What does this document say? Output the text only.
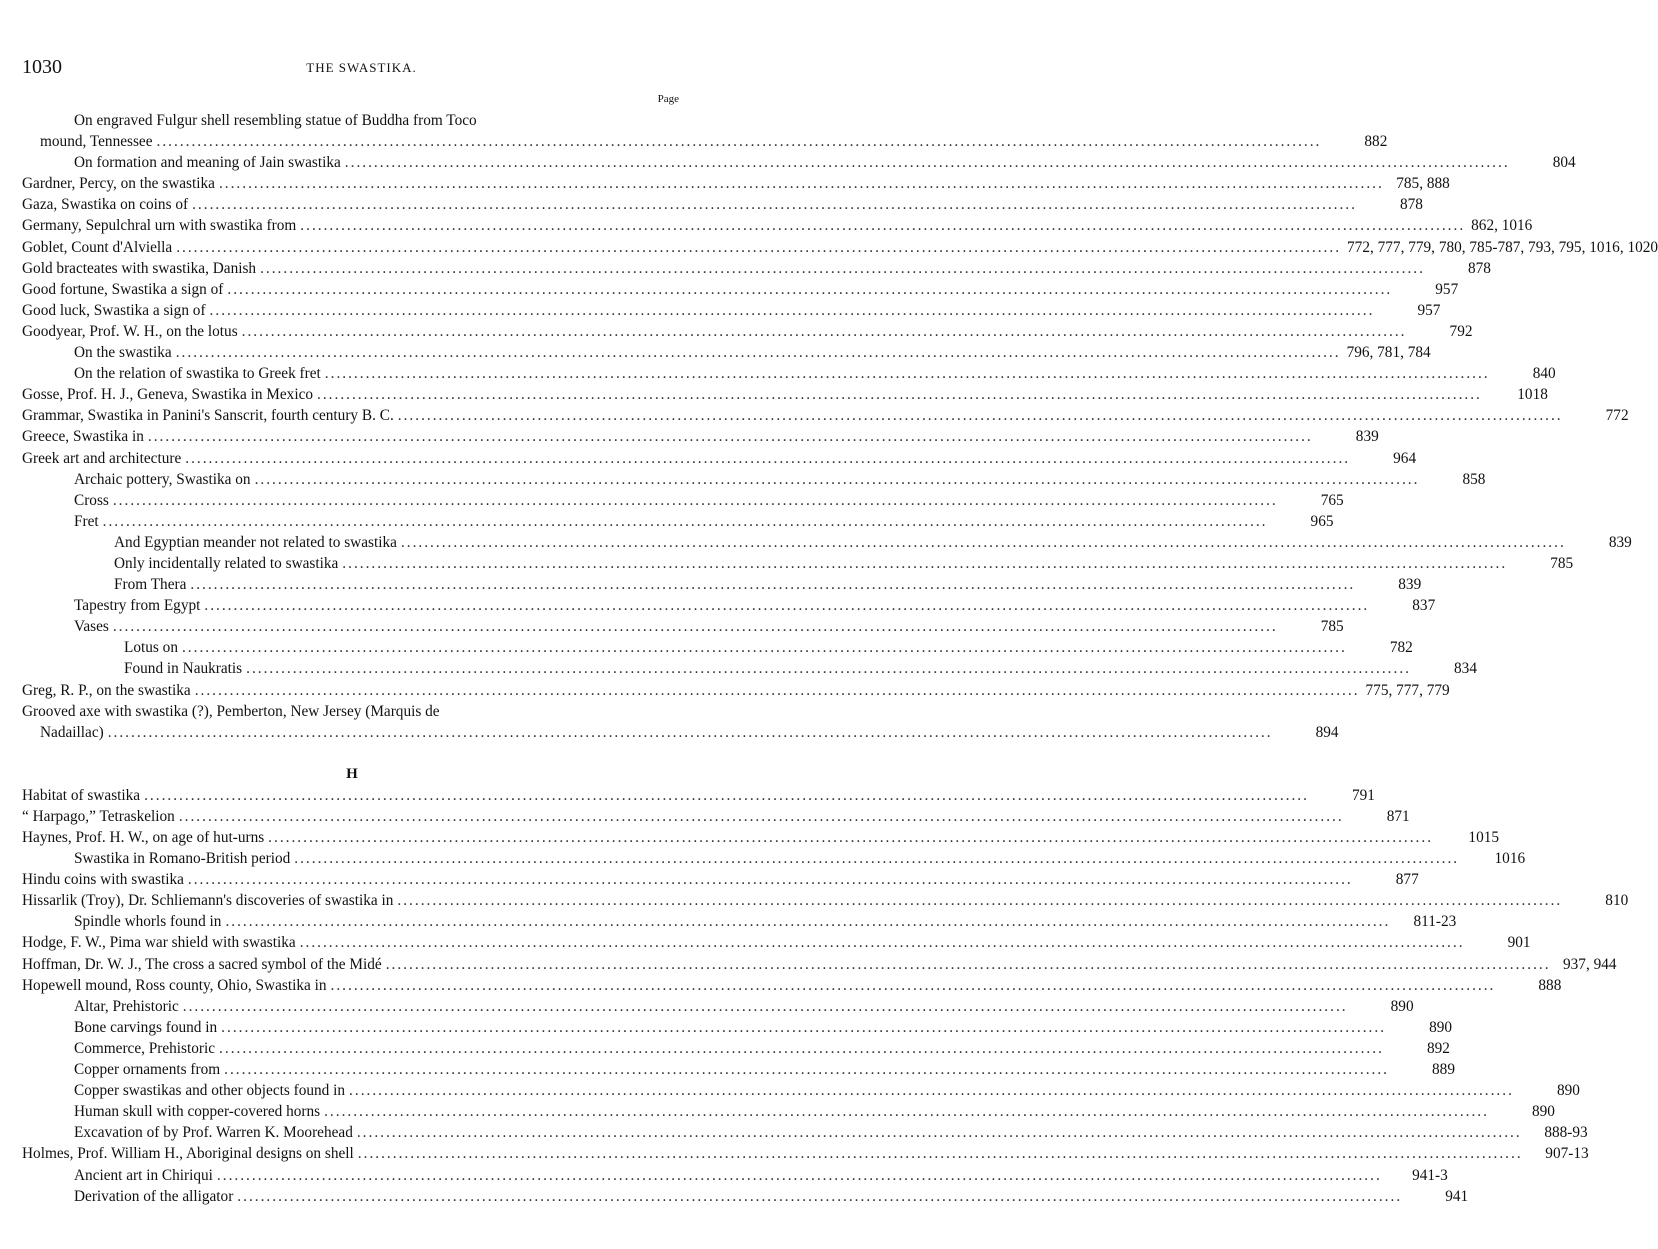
1030	THE SWASTIKA.
Page
On engraved Fulgur shell resembling statue of Buddha from Toco
mound, Tennessee ........................................................................................................................................................................................................	882
On formation and meaning of Jain swastika ........................................................................................................................................................................................................	804
Gardner, Percy, on the swastika ........................................................................................................................................................................................................ 785, 888
Gaza, Swastika on coins of ........................................................................................................................................................................................................	878
Germany, Sepulchral urn with swastika from ........................................................................................................................................................................................................ 862, 1016
Goblet, Count d'Alviella ........................................................................................................................................................................................................ 772, 777, 779, 780, 785-787, 793, 795, 1016, 1020
Gold bracteates with swastika, Danish ........................................................................................................................................................................................................	878
Good fortune, Swastika a sign of ........................................................................................................................................................................................................	957
Good luck, Swastika a sign of ........................................................................................................................................................................................................	957
Goodyear, Prof. W. H., on the lotus ........................................................................................................................................................................................................	792
On the swastika ........................................................................................................................................................................................................ 796, 781, 784
On the relation of swastika to Greek fret ........................................................................................................................................................................................................	840
Gosse, Prof. H. J., Geneva, Swastika in Mexico ........................................................................................................................................................................................................	1018
Grammar, Swastika in Panini's Sanscrit, fourth century B. C. ........................................................................................................................................................................................................	772
Greece, Swastika in ........................................................................................................................................................................................................	839
Greek art and architecture ........................................................................................................................................................................................................	964
Archaic pottery, Swastika on ........................................................................................................................................................................................................	858
Cross ........................................................................................................................................................................................................	765
Fret ........................................................................................................................................................................................................	965
And Egyptian meander not related to swastika ........................................................................................................................................................................................................	839
Only incidentally related to swastika ........................................................................................................................................................................................................	785
From Thera ........................................................................................................................................................................................................	839
Tapestry from Egypt ........................................................................................................................................................................................................	837
Vases ........................................................................................................................................................................................................	785
Lotus on ........................................................................................................................................................................................................	782
Found in Naukratis ........................................................................................................................................................................................................	834
Greg, R. P., on the swastika ........................................................................................................................................................................................................ 775, 777, 779
Grooved axe with swastika (?), Pemberton, New Jersey (Marquis de
Nadaillac) ........................................................................................................................................................................................................	894
H
Habitat of swastika ........................................................................................................................................................................................................	791
“ Harpago,” Tetraskelion ........................................................................................................................................................................................................	871
Haynes, Prof. H. W., on age of hut-urns ........................................................................................................................................................................................................	1015
Swastika in Romano-British period ........................................................................................................................................................................................................	1016
Hindu coins with swastika ........................................................................................................................................................................................................	877
Hissarlik (Troy), Dr. Schliemann's discoveries of swastika in ........................................................................................................................................................................................................	810
Spindle whorls found in ........................................................................................................................................................................................................	811-23
Hodge, F. W., Pima war shield with swastika ........................................................................................................................................................................................................	901
Hoffman, Dr. W. J., The cross a sacred symbol of the Midé ........................................................................................................................................................................................................ 937, 944
Hopewell mound, Ross county, Ohio, Swastika in ........................................................................................................................................................................................................	888
Altar, Prehistoric ........................................................................................................................................................................................................	890
Bone carvings found in ........................................................................................................................................................................................................	890
Commerce, Prehistoric ........................................................................................................................................................................................................	892
Copper ornaments from ........................................................................................................................................................................................................	889
Copper swastikas and other objects found in ........................................................................................................................................................................................................	890
Human skull with copper-covered horns ........................................................................................................................................................................................................	890
Excavation of by Prof. Warren K. Moorehead ........................................................................................................................................................................................................	888-93
Holmes, Prof. William H., Aboriginal designs on shell ........................................................................................................................................................................................................	907-13
Ancient art in Chiriqui ........................................................................................................................................................................................................	941-3
Derivation of the alligator ........................................................................................................................................................................................................	941
